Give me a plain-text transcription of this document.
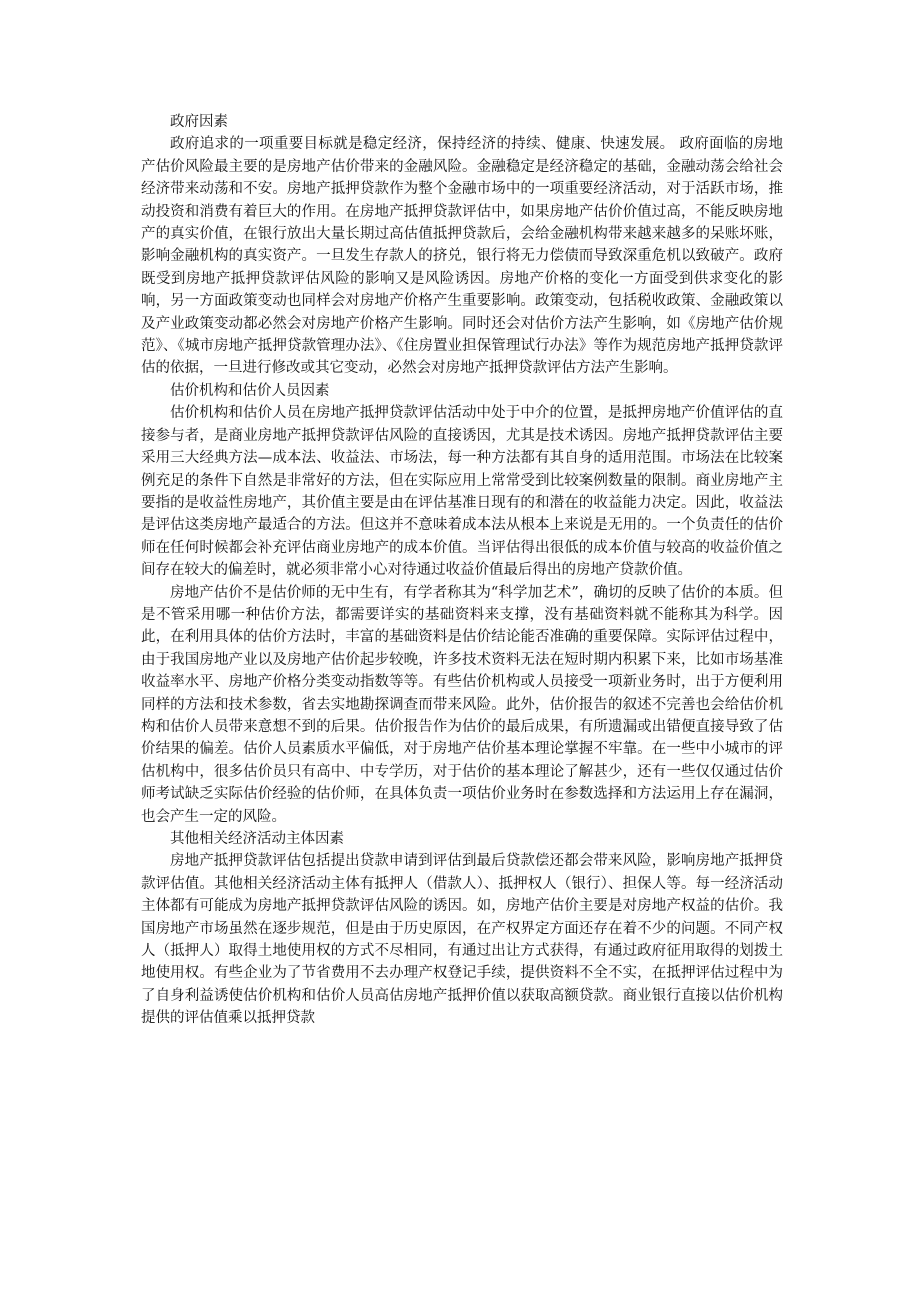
政府因素

政府追求的一项重要目标就是稳定经济，保持经济的持续、健康、快速发展。 政府面临的房地产估价风险最主要的是房地产估价带来的金融风险。金融稳定是经济稳定的基础，金融动荡会给社会经济带来动荡和不安。房地产抵押贷款作为整个金融市场中的一项重要经济活动，对于活跃市场，推动投资和消费有着巨大的作用。在房地产抵押贷款评估中，如果房地产估价价值过高，不能反映房地产的真实价值，在银行放出大量长期过高估值抵押贷款后，会给金融机构带来越来越多的呆账坏账，影响金融机构的真实资产。一旦发生存款人的挤兑，银行将无力偿债而导致深重危机以致破产。政府既受到房地产抵押贷款评估风险的影响又是风险诱因。房地产价格的变化一方面受到供求变化的影响，另一方面政策变动也同样会对房地产价格产生重要影响。政策变动，包括税收政策、金融政策以及产业政策变动都必然会对房地产价格产生影响。同时还会对估价方法产生影响，如《房地产估价规范》、《城市房地产抵押贷款管理办法》、《住房置业担保管理试行办法》等作为规范房地产抵押贷款评估的依据，一旦进行修改或其它变动，必然会对房地产抵押贷款评估方法产生影响。

估价机构和估价人员因素

估价机构和估价人员在房地产抵押贷款评估活动中处于中介的位置，是抵押房地产价值评估的直接参与者，是商业房地产抵押贷款评估风险的直接诱因，尤其是技术诱因。房地产抵押贷款评估主要采用三大经典方法—成本法、收益法、市场法，每一种方法都有其自身的适用范围。市场法在比较案例充足的条件下自然是非常好的方法，但在实际应用上常常受到比较案例数量的限制。商业房地产主要指的是收益性房地产，其价值主要是由在评估基准日现有的和潜在的收益能力决定。因此，收益法是评估这类房地产最适合的方法。但这并不意味着成本法从根本上来说是无用的。一个负责任的估价师在任何时候都会补充评估商业房地产的成本价值。当评估得出很低的成本价值与较高的收益价值之间存在较大的偏差时，就必须非常小心对待通过收益价值最后得出的房地产贷款价值。

房地产估价不是估价师的无中生有，有学者称其为“科学加艺术”，确切的反映了估价的本质。但是不管采用哪一种估价方法，都需要详实的基础资料来支撑，没有基础资料就不能称其为科学。因此，在利用具体的估价方法时，丰富的基础资料是估价结论能否准确的重要保障。实际评估过程中，由于我国房地产业以及房地产估价起步较晚，许多技术资料无法在短时期内积累下来，比如市场基准收益率水平、房地产价格分类变动指数等等。有些估价机构或人员接受一项新业务时，出于方便利用同样的方法和技术参数，省去实地勘探调查而带来风险。此外，估价报告的叙述不完善也会给估价机构和估价人员带来意想不到的后果。估价报告作为估价的最后成果，有所遗漏或出错便直接导致了估价结果的偏差。估价人员素质水平偏低，对于房地产估价基本理论掌握不牢靠。在一些中小城市的评估机构中，很多估价员只有高中、中专学历，对于估价的基本理论了解甚少，还有一些仅仅通过估价师考试缺乏实际估价经验的估价师，在具体负责一项估价业务时在参数选择和方法运用上存在漏洞，也会产生一定的风险。

其他相关经济活动主体因素

房地产抵押贷款评估包括提出贷款申请到评估到最后贷款偿还都会带来风险，影响房地产抵押贷款评估值。其他相关经济活动主体有抵押人（借款人）、抵押权人（银行）、担保人等。每一经济活动主体都有可能成为房地产抵押贷款评估风险的诱因。如，房地产估价主要是对房地产权益的估价。我国房地产市场虽然在逐步规范，但是由于历史原因，在产权界定方面还存在着不少的问题。不同产权人（抵押人）取得土地使用权的方式不尽相同，有通过出让方式获得，有通过政府征用取得的划拨土地使用权。有些企业为了节省费用不去办理产权登记手续，提供资料不全不实，在抵押评估过程中为了自身利益诱使估价机构和估价人员高估房地产抵押价值以获取高额贷款。商业银行直接以估价机构提供的评估值乘以抵押贷款
